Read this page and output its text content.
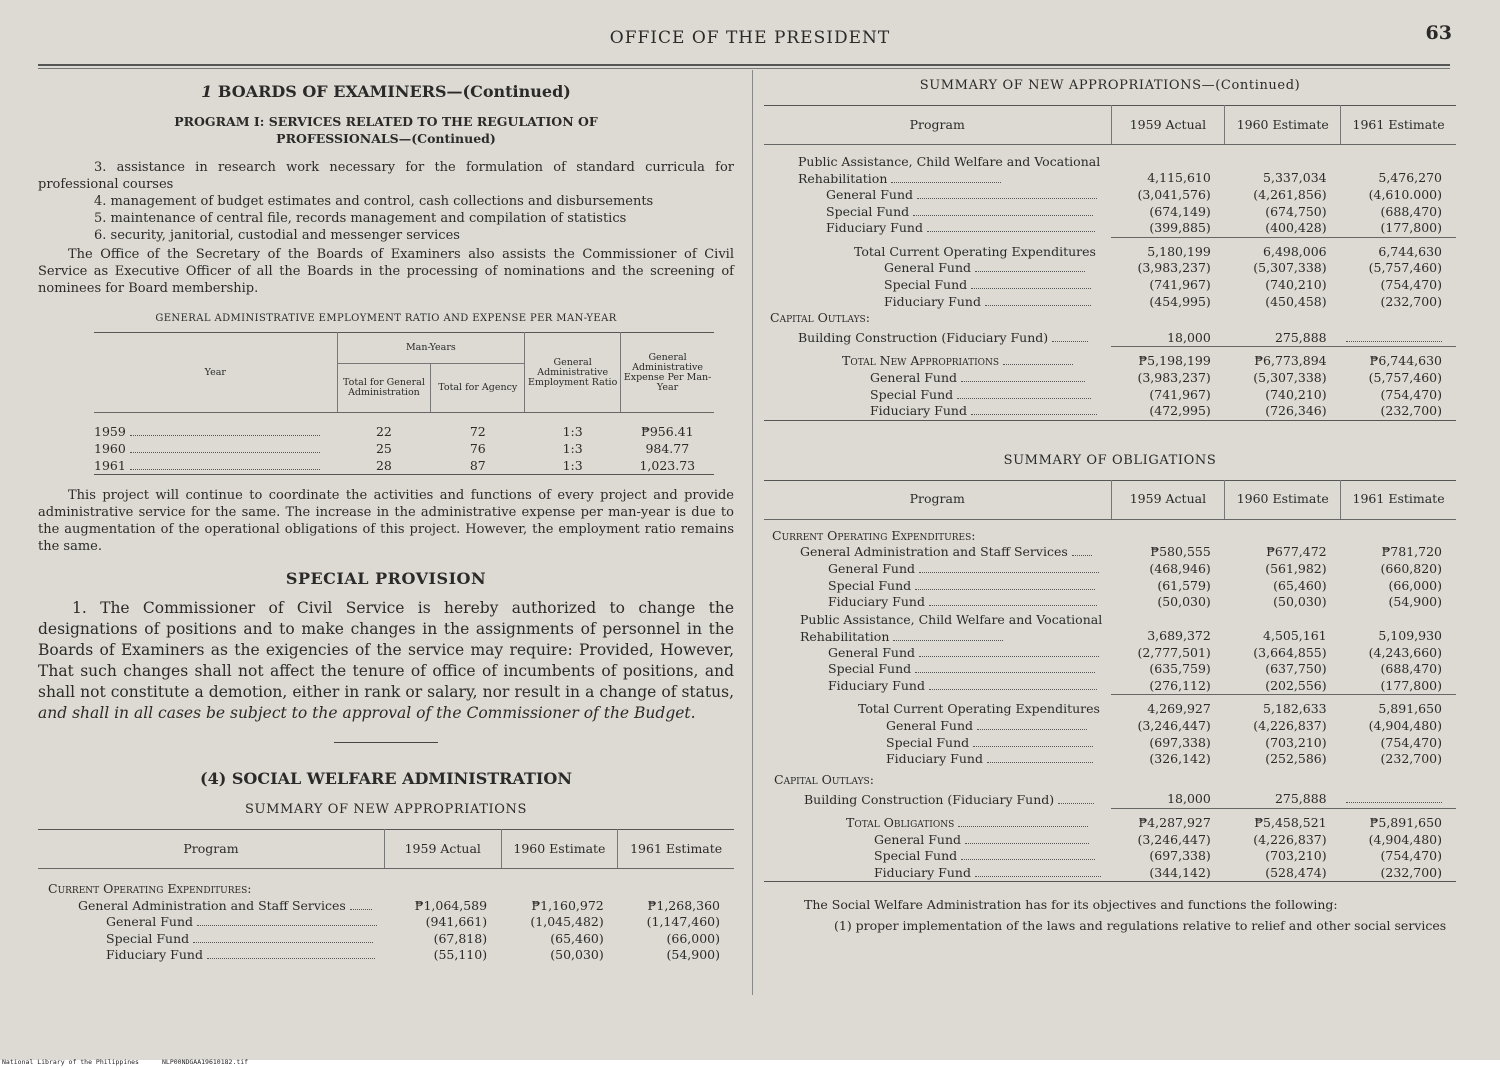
OFFICE OF THE PRESIDENT	63
1 BOARDS OF EXAMINERS—(Continued)
PROGRAM I: SERVICES RELATED TO THE REGULATION OF
PROFESSIONALS—(Continued)

3. assistance in research work necessary for the formulation of standard curricula for professional courses

4. management of budget estimates and control, cash collections and disbursements

5. maintenance of central file, records management and compilation of statistics

6. security, janitorial, custodial and messenger services

The Office of the Secretary of the Boards of Examiners also assists the Commissioner of Civil Service as Executive Officer of all the Boards in the processing of nominations and the screening of nominees for Board membership.

GENERAL ADMINISTRATIVE EMPLOYMENT RATIO AND EXPENSE PER MAN-YEAR
Year	Man-Years		General Administrative Employment Ratio	General Administrative Expense Per Man-Year
	Total for General Administration	Total for Agency		

1959	22	72	1:3	₱956.41
1960	25	76	1:3	984.77
1961	28	87	1:3	1,023.73

This project will continue to coordinate the activities and functions of every project and provide administrative service for the same. The increase in the administrative expense per man-year is due to the augmentation of the operational obligations of this project. However, the employment ratio remains the same.

SPECIAL PROVISION

1. The Commissioner of Civil Service is hereby authorized to change the designations of positions and to make changes in the assignments of personnel in the Boards of Examiners as the exigencies of the service may require: Provided, However, That such changes shall not affect the tenure of office of incumbents of positions, and shall not constitute a demotion, either in rank or salary, nor result in a change of status, and shall in all cases be subject to the approval of the Commissioner of the Budget.

(4) SOCIAL WELFARE ADMINISTRATION
SUMMARY OF NEW APPROPRIATIONS
Program	1959 Actual	1960 Estimate	1961 Estimate

Current Operating Expenditures:			
General Administration and Staff Services	₱1,064,589	₱1,160,972	₱1,268,360
General Fund	(941,661)	(1,045,482)	(1,147,460)
Special Fund	(67,818)	(65,460)	(66,000)
Fiduciary Fund	(55,110)	(50,030)	(54,900)
SUMMARY OF NEW APPROPRIATIONS—(Continued)
Program	1959 Actual	1960 Estimate	1961 Estimate

Public Assistance, Child Welfare and Vocational Rehabilitation	4,115,610	5,337,034	5,476,270
General Fund	(3,041,576)	(4,261,856)	(4,610.000)
Special Fund	(674,149)	(674,750)	(688,470)
Fiduciary Fund	(399,885)	(400,428)	(177,800)
Total Current Operating Expenditures	5,180,199	6,498,006	6,744,630
General Fund	(3,983,237)	(5,307,338)	(5,757,460)
Special Fund	(741,967)	(740,210)	(754,470)
Fiduciary Fund	(454,995)	(450,458)	(232,700)
Capital Outlays:			
Building Construction (Fiduciary Fund)	18,000	275,888	
Total New Appropriations	₱5,198,199	₱6,773,894	₱6,744,630
General Fund	(3,983,237)	(5,307,338)	(5,757,460)
Special Fund	(741,967)	(740,210)	(754,470)
Fiduciary Fund	(472,995)	(726,346)	(232,700)
SUMMARY OF OBLIGATIONS
Program	1959 Actual	1960 Estimate	1961 Estimate

Current Operating Expenditures:			
General Administration and Staff Services	₱580,555	₱677,472	₱781,720
General Fund	(468,946)	(561,982)	(660,820)
Special Fund	(61,579)	(65,460)	(66,000)
Fiduciary Fund	(50,030)	(50,030)	(54,900)
Public Assistance, Child Welfare and Vocational Rehabilitation	3,689,372	4,505,161	5,109,930
General Fund	(2,777,501)	(3,664,855)	(4,243,660)
Special Fund	(635,759)	(637,750)	(688,470)
Fiduciary Fund	(276,112)	(202,556)	(177,800)
Total Current Operating Expenditures	4,269,927	5,182,633	5,891,650
General Fund	(3,246,447)	(4,226,837)	(4,904,480)
Special Fund	(697,338)	(703,210)	(754,470)
Fiduciary Fund	(326,142)	(252,586)	(232,700)
Capital Outlays:			
Building Construction (Fiduciary Fund)	18,000	275,888	
Total Obligations	₱4,287,927	₱5,458,521	₱5,891,650
General Fund	(3,246,447)	(4,226,837)	(4,904,480)
Special Fund	(697,338)	(703,210)	(754,470)
Fiduciary Fund	(344,142)	(528,474)	(232,700)

The Social Welfare Administration has for its objectives and functions the following:

(1) proper implementation of the laws and regulations relative to relief and other social services

National Library of the Philippines	NLP00NDGAA19610182.tif
